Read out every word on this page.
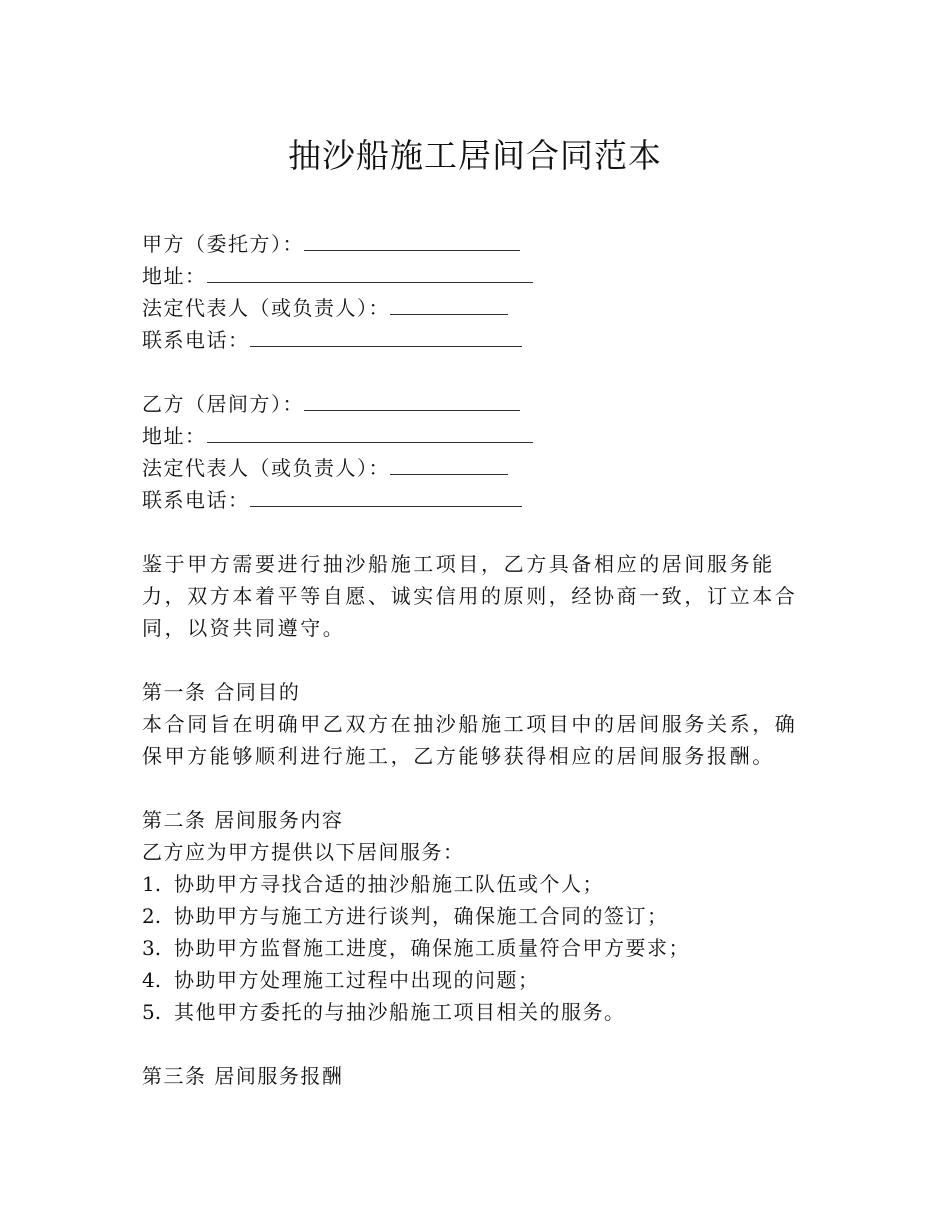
抽沙船施工居间合同范本
甲方（委托方）：
地址：
法定代表人（或负责人）：
联系电话：
乙方（居间方）：
地址：
法定代表人（或负责人）：
联系电话：
鉴于甲方需要进行抽沙船施工项目，乙方具备相应的居间服务能力，双方本着平等自愿、诚实信用的原则，经协商一致，订立本合同，以资共同遵守。
第一条 合同目的
本合同旨在明确甲乙双方在抽沙船施工项目中的居间服务关系，确保甲方能够顺利进行施工，乙方能够获得相应的居间服务报酬。
第二条 居间服务内容
乙方应为甲方提供以下居间服务：
1. 协助甲方寻找合适的抽沙船施工队伍或个人；
2. 协助甲方与施工方进行谈判，确保施工合同的签订；
3. 协助甲方监督施工进度，确保施工质量符合甲方要求；
4. 协助甲方处理施工过程中出现的问题；
5. 其他甲方委托的与抽沙船施工项目相关的服务。
第三条 居间服务报酬
